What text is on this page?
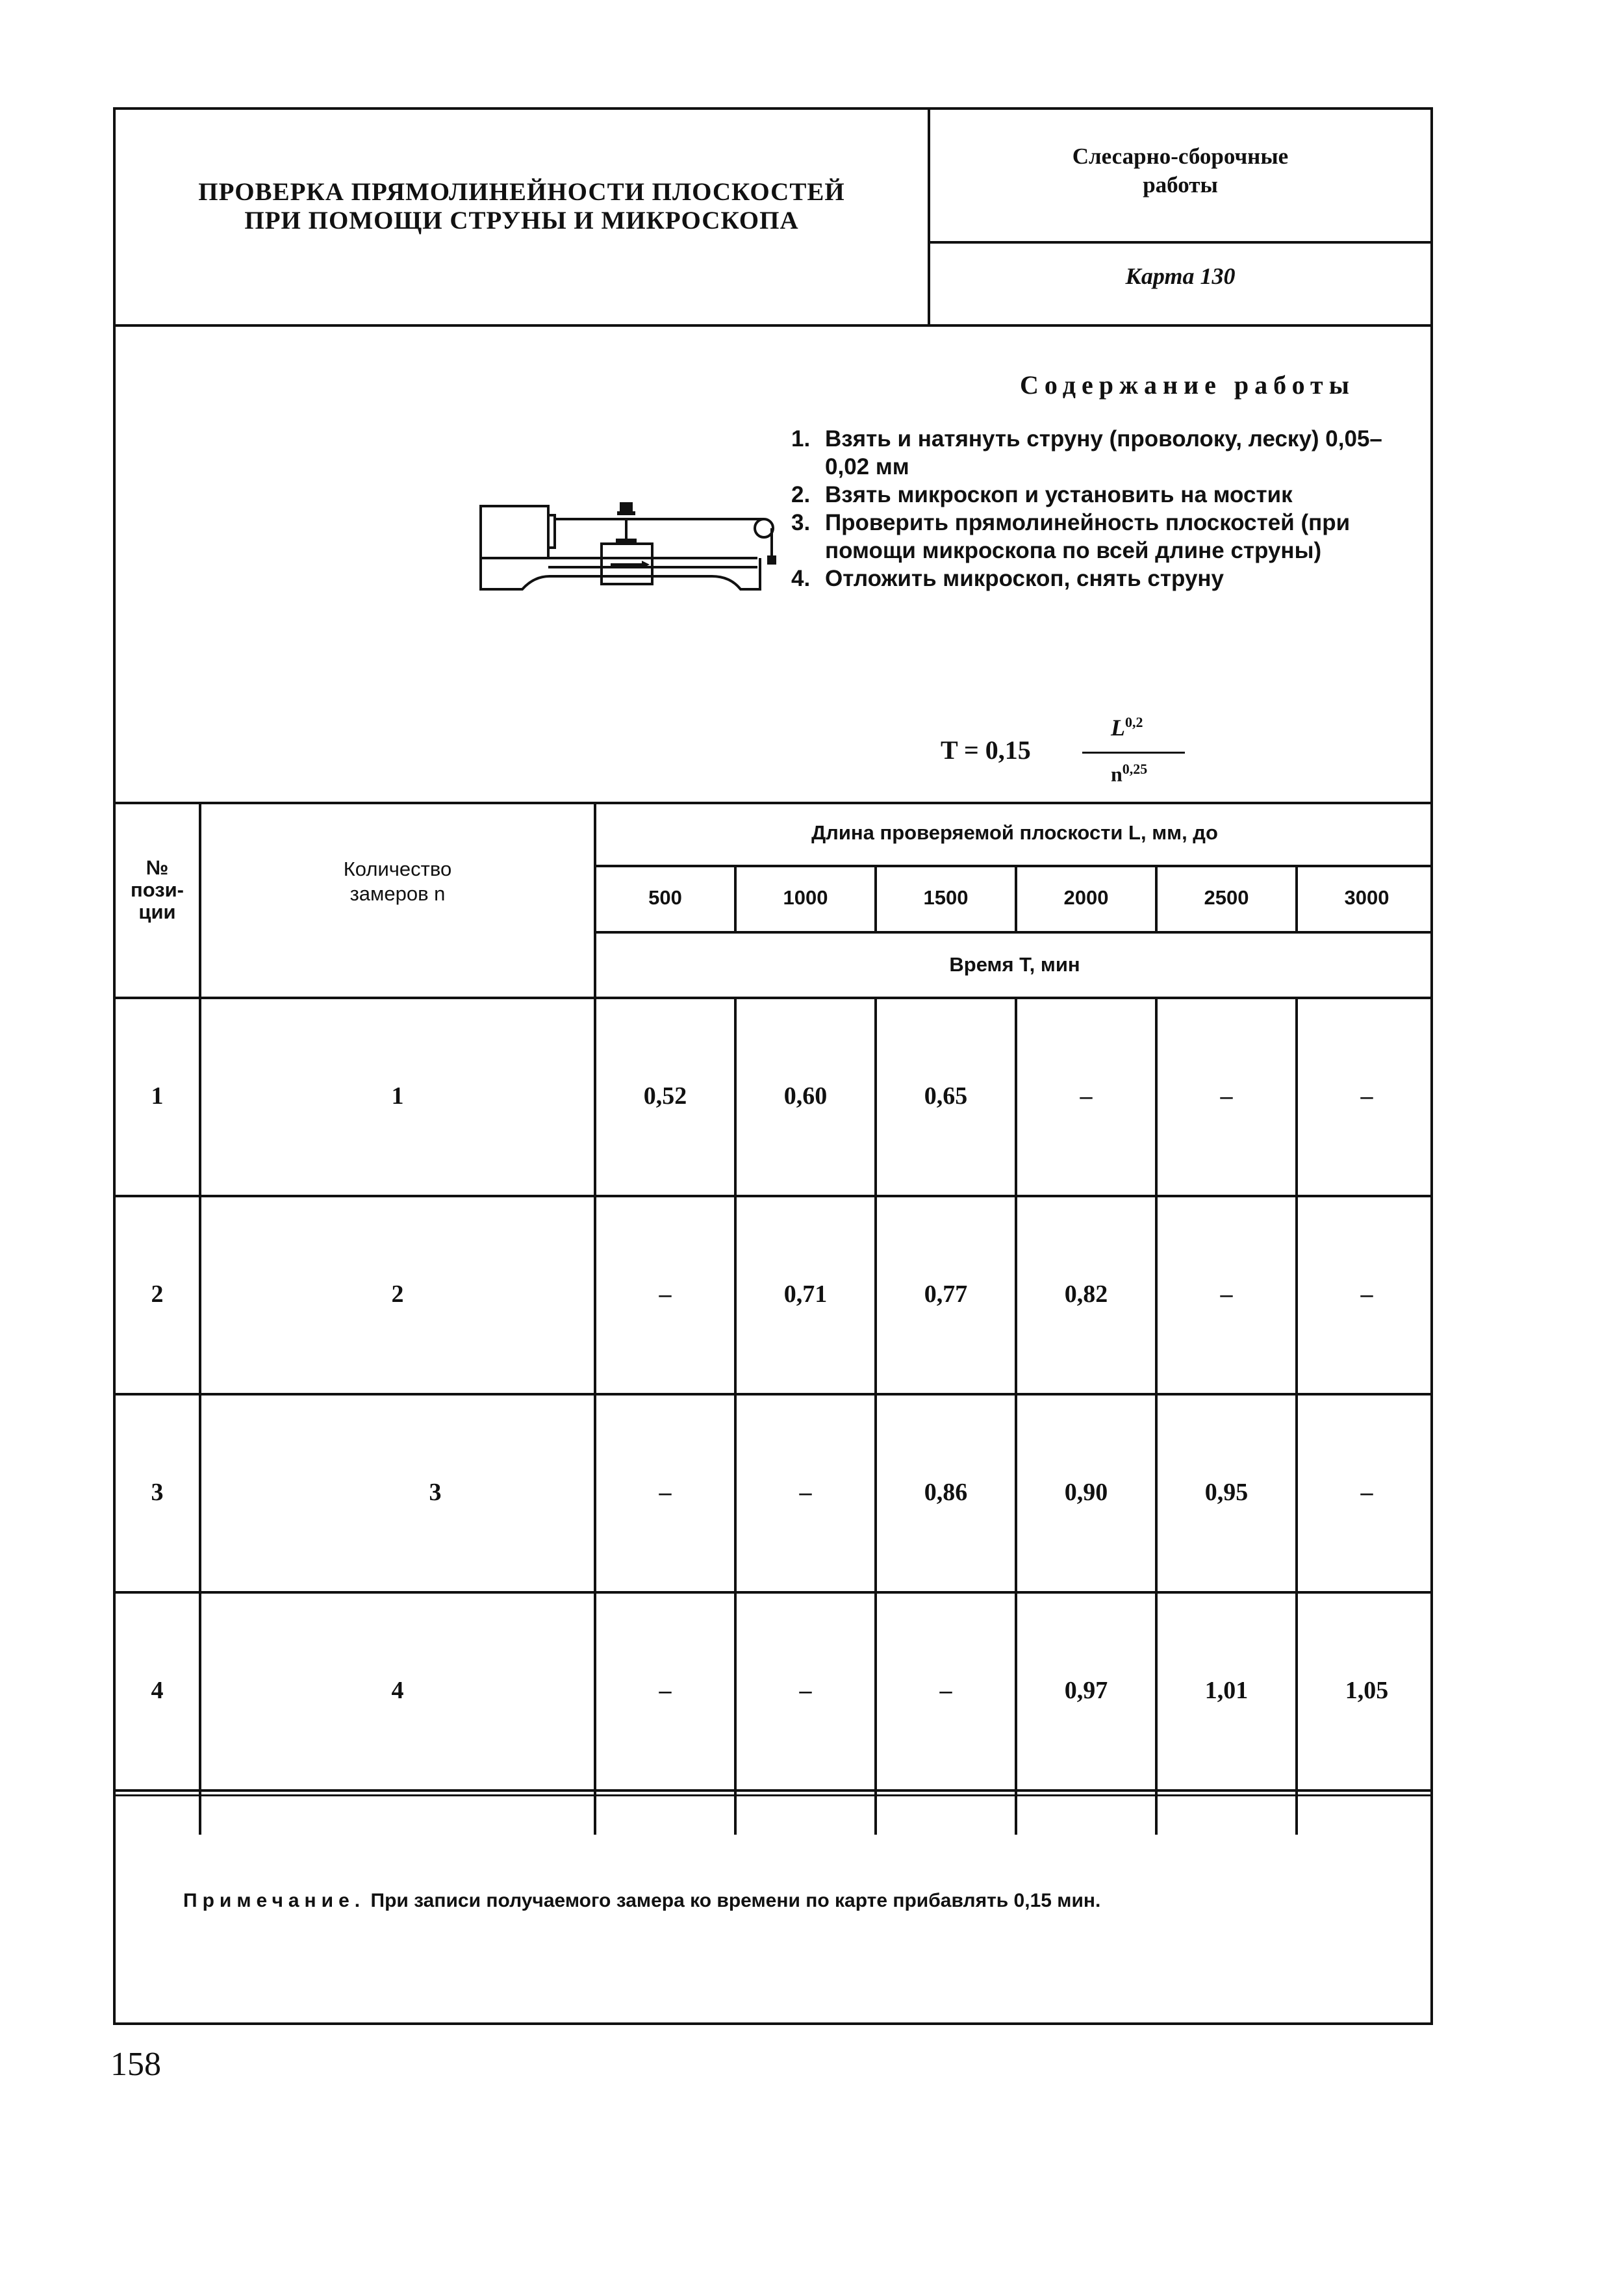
ПРОВЕРКА ПРЯМОЛИНЕЙНОСТИ ПЛОСКОСТЕЙ
ПРИ ПОМОЩИ СТРУНЫ И МИКРОСКОПА
Слесарно-сборочные
работы
Карта 130
Содержание работы
1. Взять и натянуть струну (проволоку, леску) 0,05–0,02 мм
2. Взять микроскоп и установить на мостик
3. Проверить прямолинейность плоскостей (при помощи микроскопа по всей длине струны)
4. Отложить микроскоп, снять струну
T = 0,15
L$^{0,2}$
$n^{0,25}$
№
пози-
ции
Количество
замеров n
Длина проверяемой плоскости L, мм, до
Время T, мин
500	1000	1500	2000	2500	3000
1	1	0,52	0,60	0,65	–	–	–
2	2	–	0,71	0,77	0,82	–	–
3	3	–	–	0,86	0,90	0,95	–
4	4	–	–	–	0,97	1,01	1,05
Примечание. При записи получаемого замера ко времени по карте прибавлять 0,15 мин.
158
